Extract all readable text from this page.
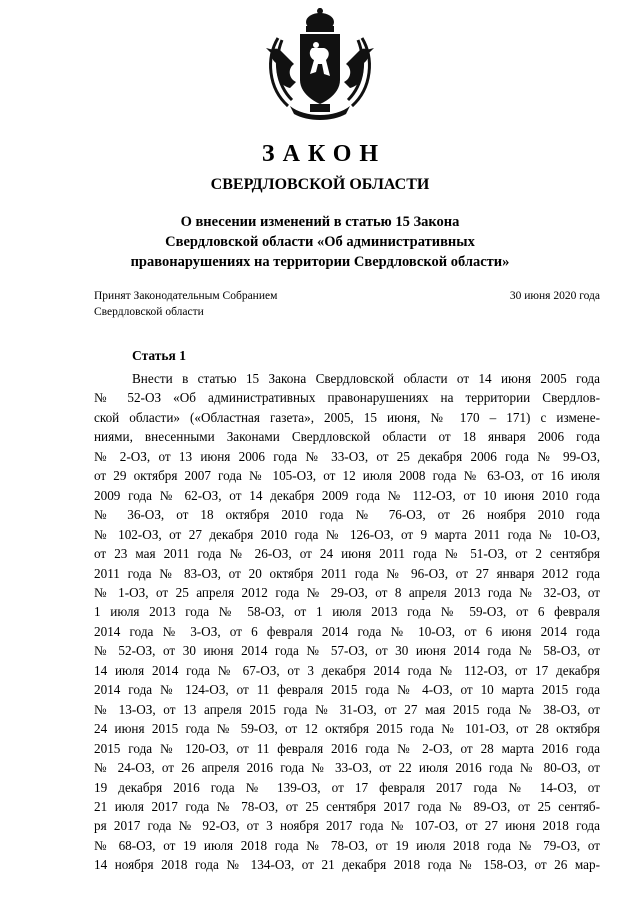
ЗАКОН
СВЕРДЛОВСКОЙ ОБЛАСТИ
О внесении изменений в статью 15 Закона
Свердловской области «Об административных
правонарушениях на территории Свердловской области»
Принят Законодательным Собранием
Свердловской области
30 июня 2020 года
Статья 1
Внести в статью 15 Закона Свердловской области от 14 июня 2005 года
№ 52-ОЗ «Об административных правонарушениях на территории Свердлов-
ской области» («Областная газета», 2005, 15 июня, № 170 – 171) с измене-
ниями, внесенными Законами Свердловской области от 18 января 2006 года
№ 2-ОЗ, от 13 июня 2006 года № 33-ОЗ, от 25 декабря 2006 года № 99-ОЗ,
от 29 октября 2007 года № 105-ОЗ, от 12 июля 2008 года № 63-ОЗ, от 16 июля
2009 года № 62-ОЗ, от 14 декабря 2009 года № 112-ОЗ, от 10 июня 2010 года
№ 36-ОЗ, от 18 октября 2010 года № 76-ОЗ, от 26 ноября 2010 года
№ 102-ОЗ, от 27 декабря 2010 года № 126-ОЗ, от 9 марта 2011 года № 10-ОЗ,
от 23 мая 2011 года № 26-ОЗ, от 24 июня 2011 года № 51-ОЗ, от 2 сентября
2011 года № 83-ОЗ, от 20 октября 2011 года № 96-ОЗ, от 27 января 2012 года
№ 1-ОЗ, от 25 апреля 2012 года № 29-ОЗ, от 8 апреля 2013 года № 32-ОЗ, от
1 июля 2013 года № 58-ОЗ, от 1 июля 2013 года № 59-ОЗ, от 6 февраля
2014 года № 3-ОЗ, от 6 февраля 2014 года № 10-ОЗ, от 6 июня 2014 года
№ 52-ОЗ, от 30 июня 2014 года № 57-ОЗ, от 30 июня 2014 года № 58-ОЗ, от
14 июля 2014 года № 67-ОЗ, от 3 декабря 2014 года № 112-ОЗ, от 17 декабря
2014 года № 124-ОЗ, от 11 февраля 2015 года № 4-ОЗ, от 10 марта 2015 года
№ 13-ОЗ, от 13 апреля 2015 года № 31-ОЗ, от 27 мая 2015 года № 38-ОЗ, от
24 июня 2015 года № 59-ОЗ, от 12 октября 2015 года № 101-ОЗ, от 28 октября
2015 года № 120-ОЗ, от 11 февраля 2016 года № 2-ОЗ, от 28 марта 2016 года
№ 24-ОЗ, от 26 апреля 2016 года № 33-ОЗ, от 22 июля 2016 года № 80-ОЗ, от
19 декабря 2016 года № 139-ОЗ, от 17 февраля 2017 года № 14-ОЗ, от
21 июля 2017 года № 78-ОЗ, от 25 сентября 2017 года № 89-ОЗ, от 25 сентяб-
ря 2017 года № 92-ОЗ, от 3 ноября 2017 года № 107-ОЗ, от 27 июня 2018 года
№ 68-ОЗ, от 19 июля 2018 года № 78-ОЗ, от 19 июля 2018 года № 79-ОЗ, от
14 ноября 2018 года № 134-ОЗ, от 21 декабря 2018 года № 158-ОЗ, от 26 мар-
